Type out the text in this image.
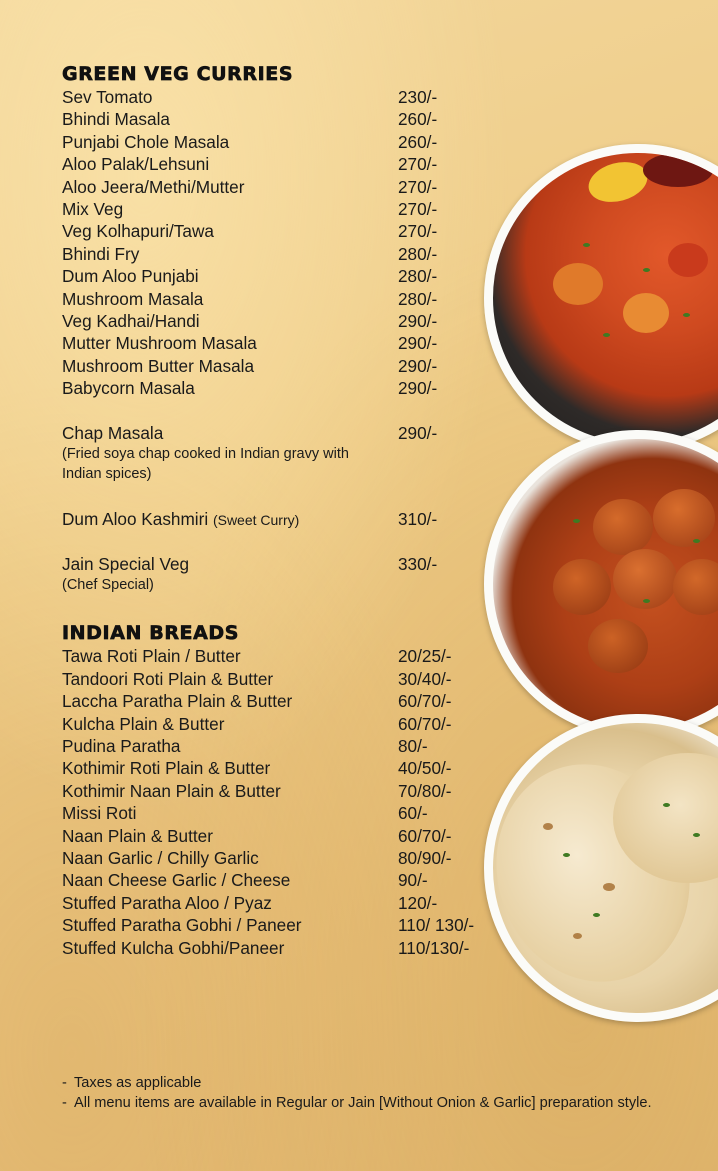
GREEN VEG CURRIES
Sev Tomato	230/-
Bhindi Masala	260/-
Punjabi Chole Masala	260/-
Aloo Palak/Lehsuni	270/-
Aloo Jeera/Methi/Mutter	270/-
Mix Veg	270/-
Veg Kolhapuri/Tawa	270/-
Bhindi Fry	280/-
Dum Aloo Punjabi	280/-
Mushroom Masala	280/-
Veg Kadhai/Handi	290/-
Mutter Mushroom Masala	290/-
Mushroom Butter Masala	290/-
Babycorn Masala	290/-
Chap Masala	290/-
(Fried soya chap cooked in Indian gravy with Indian spices)
Dum Aloo Kashmiri (Sweet Curry)	310/-
Jain Special Veg	330/-
(Chef Special)
INDIAN BREADS
Tawa Roti Plain / Butter	20/25/-
Tandoori Roti Plain & Butter	30/40/-
Laccha Paratha Plain & Butter	60/70/-
Kulcha Plain & Butter	60/70/-
Pudina Paratha	80/-
Kothimir Roti Plain & Butter	40/50/-
Kothimir Naan Plain & Butter	70/80/-
Missi Roti	60/-
Naan Plain & Butter	60/70/-
Naan Garlic / Chilly Garlic	80/90/-
Naan Cheese Garlic / Cheese	90/-
Stuffed Paratha Aloo / Pyaz	120/-
Stuffed Paratha Gobhi / Paneer	110/ 130/-
Stuffed Kulcha Gobhi/Paneer	110/130/-
- Taxes as applicable
- All menu items are available in Regular or Jain [Without Onion & Garlic] preparation style.
